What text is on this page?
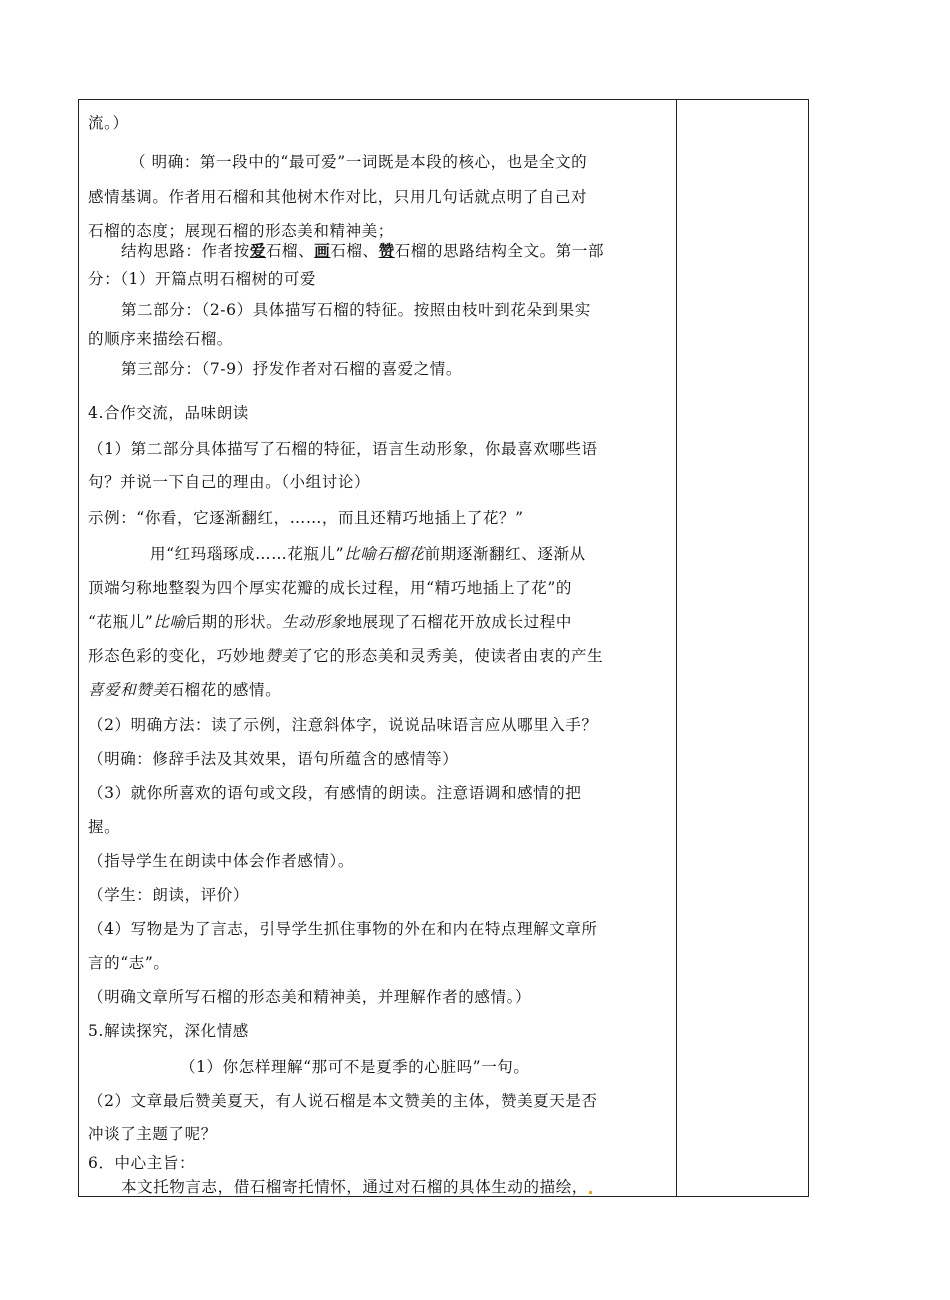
流。）
（ 明确：第一段中的“最可爱”一词既是本段的核心，也是全文的
感情基调。作者用石榴和其他树木作对比，只用几句话就点明了自己对
石榴的态度；展现石榴的形态美和精神美；
结构思路：作者按爱石榴、画石榴、赞石榴的思路结构全文。第一部
分：（1）开篇点明石榴树的可爱
第二部分：（2-6）具体描写石榴的特征。按照由枝叶到花朵到果实
的顺序来描绘石榴。
第三部分：（7-9）抒发作者对石榴的喜爱之情。
4.合作交流，品味朗读
（1）第二部分具体描写了石榴的特征，语言生动形象，你最喜欢哪些语
句？并说一下自己的理由。（小组讨论）
示例：“你看，它逐渐翻红，……，而且还精巧地插上了花？”
用“红玛瑙琢成……花瓶儿”比喻石榴花前期逐渐翻红、逐渐从
顶端匀称地整裂为四个厚实花瓣的成长过程，用“精巧地插上了花”的
“花瓶儿”比喻后期的形状。生动形象地展现了石榴花开放成长过程中
形态色彩的变化，巧妙地赞美了它的形态美和灵秀美，使读者由衷的产生
喜爱和赞美石榴花的感情。
（2）明确方法：读了示例，注意斜体字，说说品味语言应从哪里入手？
（明确：修辞手法及其效果，语句所蕴含的感情等）
（3）就你所喜欢的语句或文段，有感情的朗读。注意语调和感情的把
握。
（指导学生在朗读中体会作者感情）。
（学生：朗读，评价）
（4）写物是为了言志，引导学生抓住事物的外在和内在特点理解文章所
言的“志”。
（明确文章所写石榴的形态美和精神美，并理解作者的感情。）
5.解读探究，深化情感
（1）你怎样理解“那可不是夏季的心脏吗”一句。
（2）文章最后赞美夏天，有人说石榴是本文赞美的主体，赞美夏天是否
冲谈了主题了呢？
6．中心主旨：
本文托物言志，借石榴寄托情怀，通过对石榴的具体生动的描绘，
